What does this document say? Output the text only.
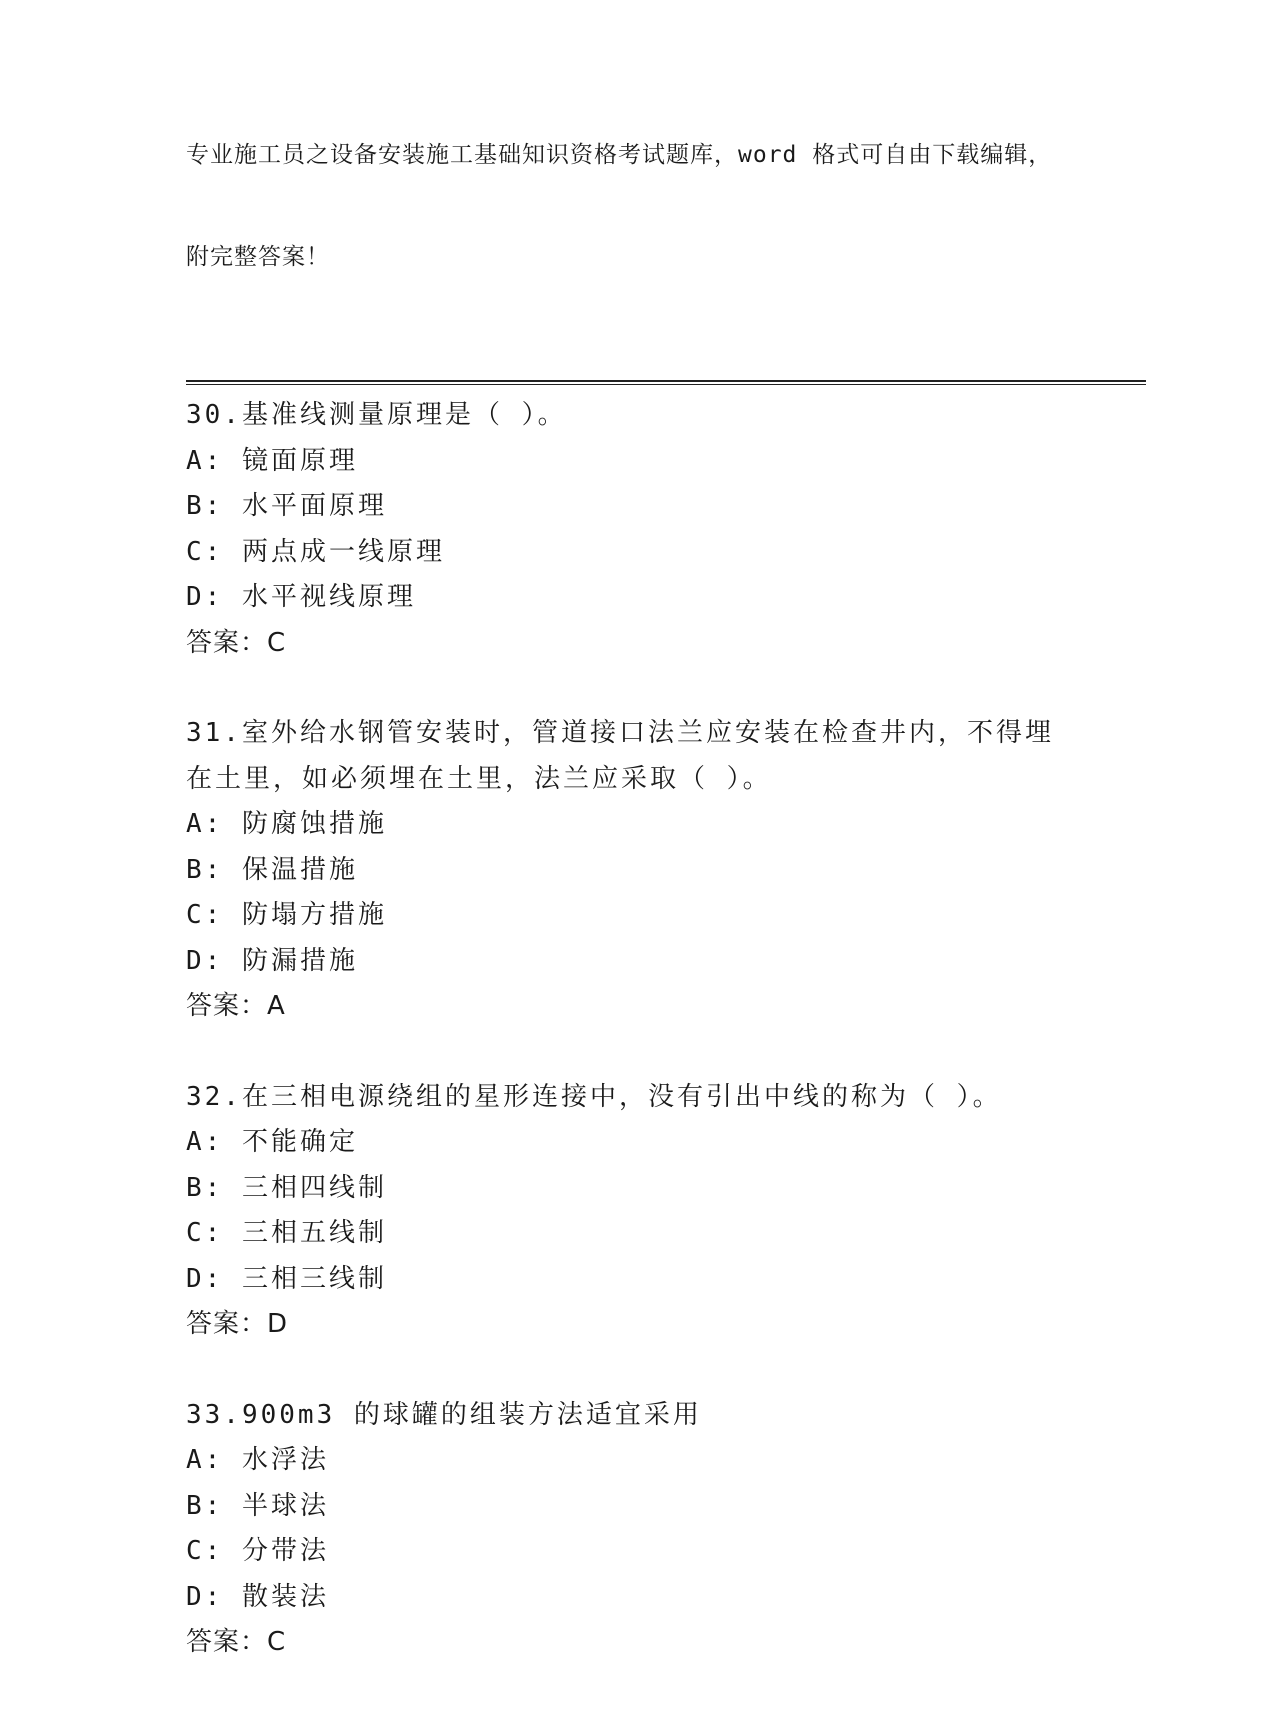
专业施工员之设备安装施工基础知识资格考试题库，word 格式可自由下载编辑，

附完整答案！

30.基准线测量原理是（ ）。
A: 镜面原理
B: 水平面原理
C: 两点成一线原理
D: 水平视线原理
答案：C
31.室外给水钢管安装时，管道接口法兰应安装在检查井内，不得埋在土里，如必须埋在土里，法兰应采取（ ）。
A: 防腐蚀措施
B: 保温措施
C: 防塌方措施
D: 防漏措施
答案：A
32.在三相电源绕组的星形连接中，没有引出中线的称为（ ）。
A: 不能确定
B: 三相四线制
C: 三相五线制
D: 三相三线制
答案：D
33.900m3 的球罐的组装方法适宜采用
A: 水浮法
B: 半球法
C: 分带法
D: 散装法
答案：C
